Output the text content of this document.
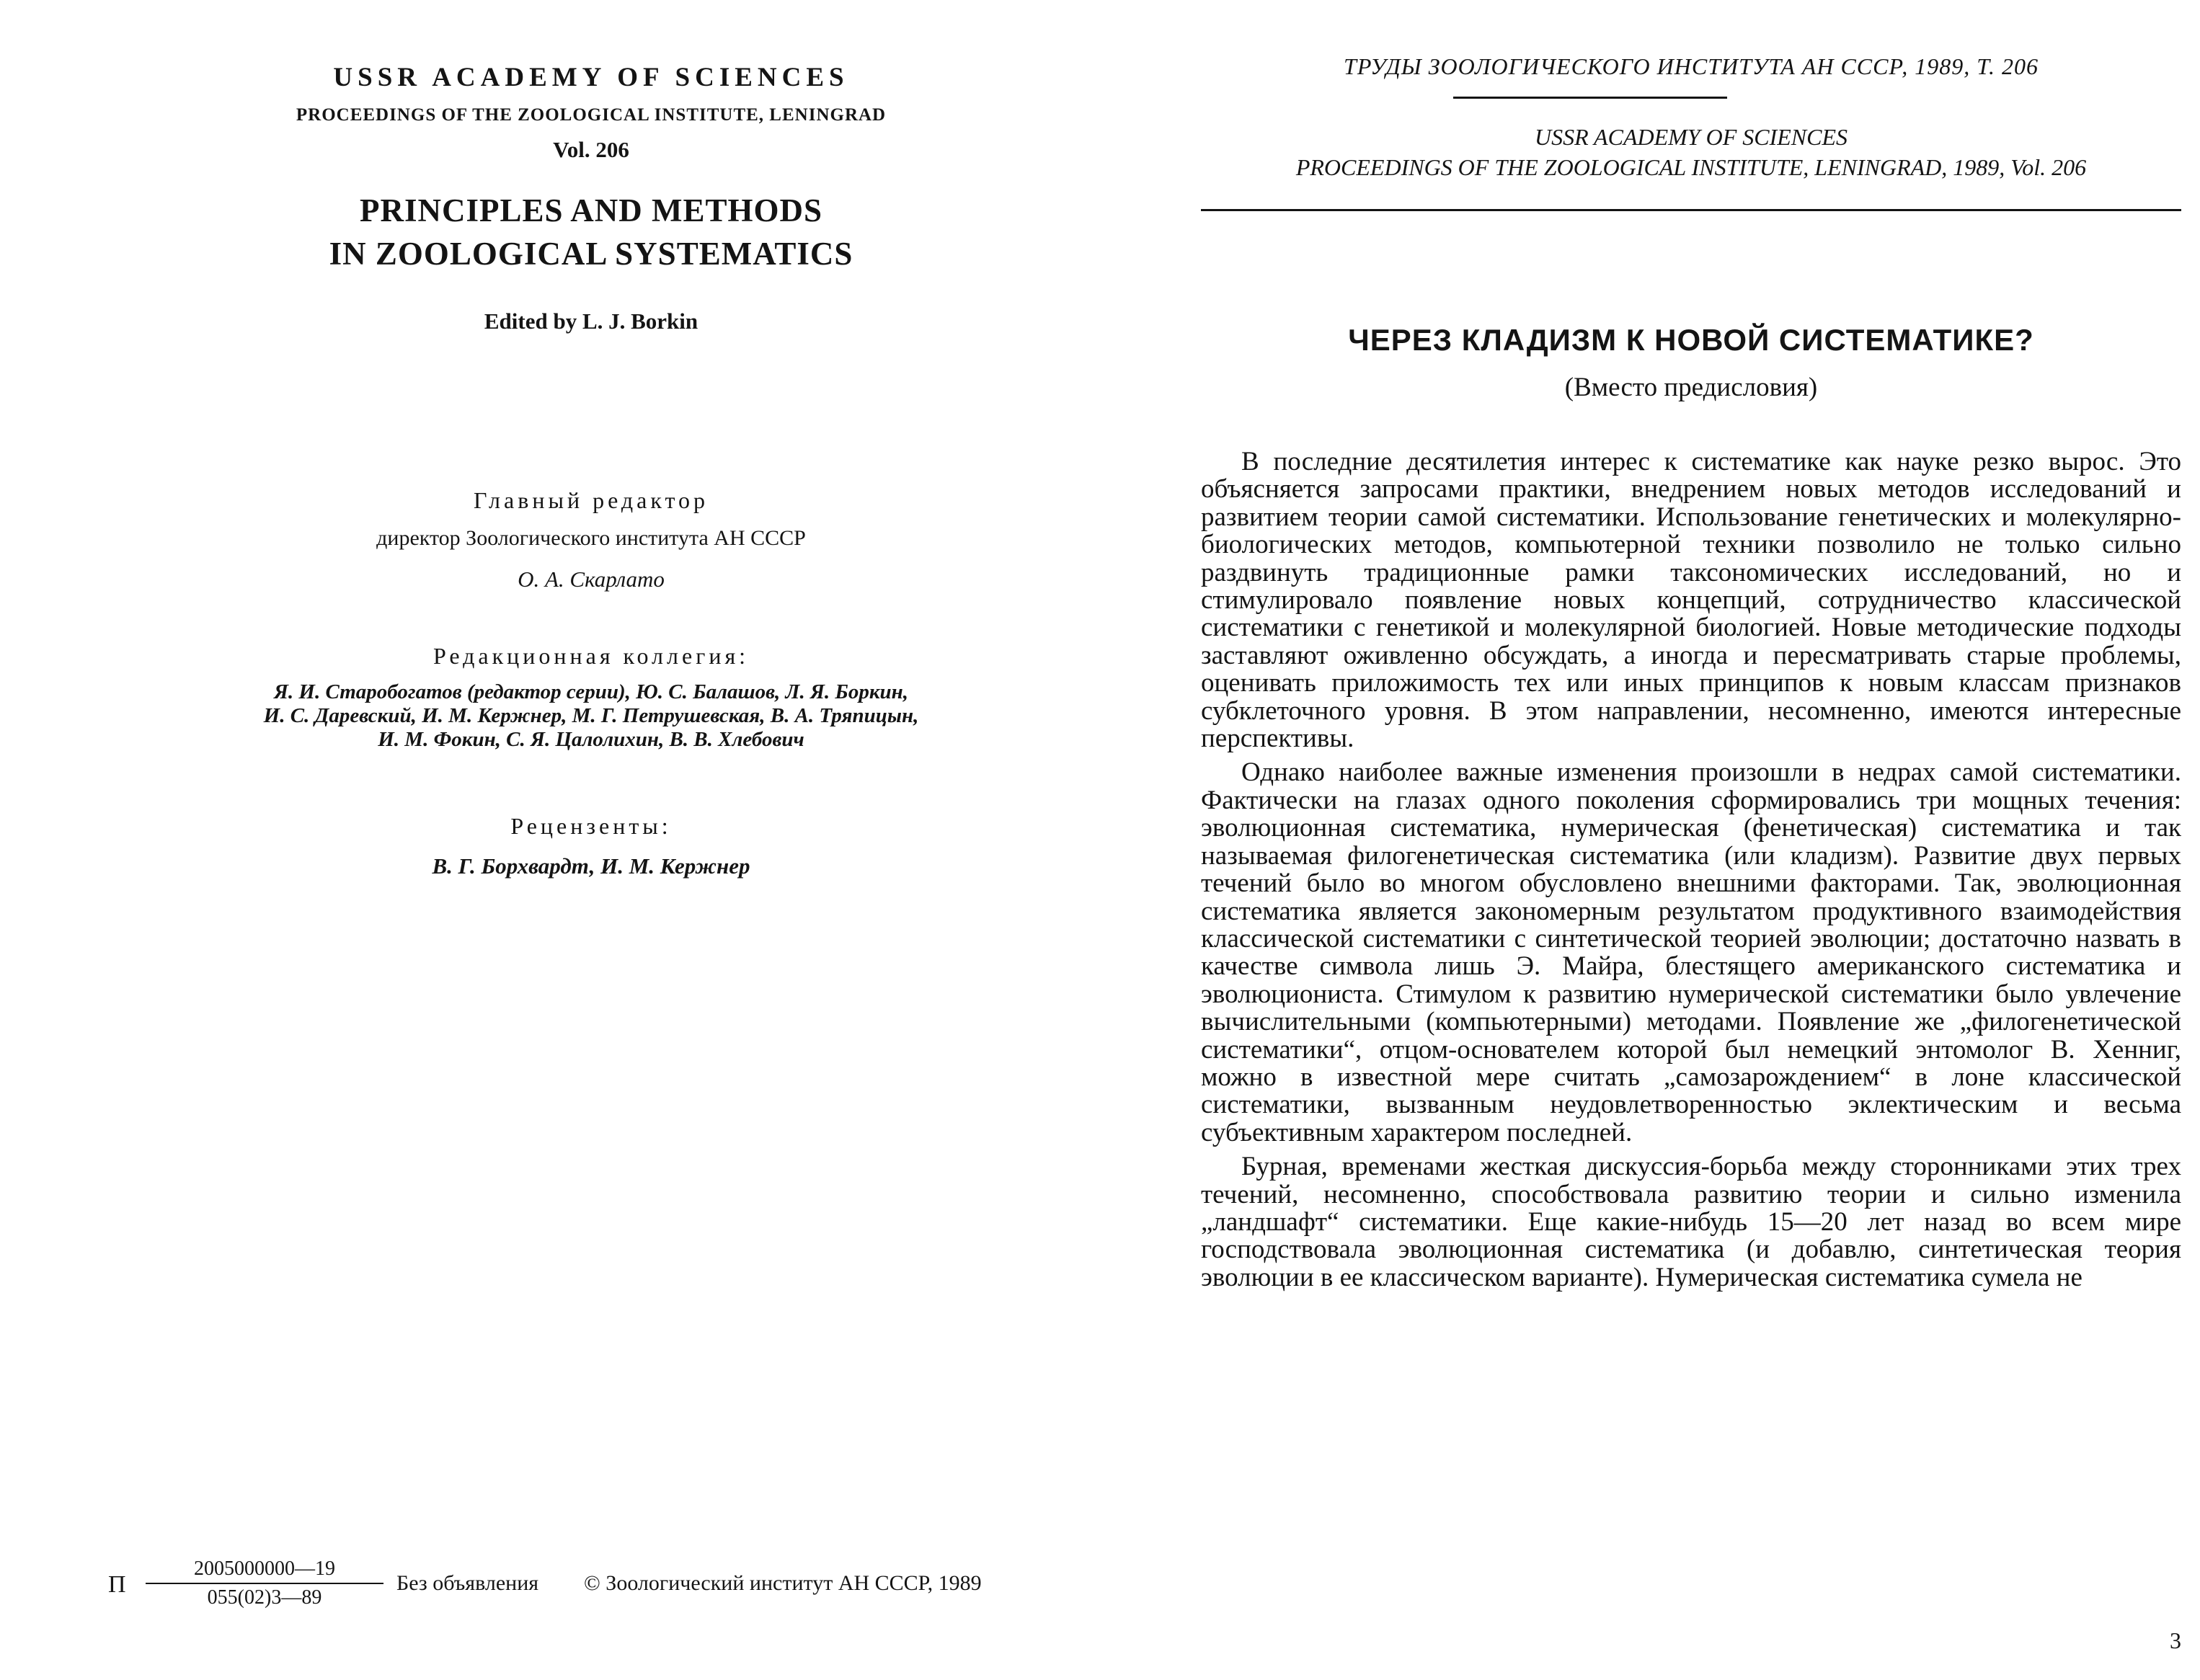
USSR ACADEMY OF SCIENCES
PROCEEDINGS OF THE ZOOLOGICAL INSTITUTE, LENINGRAD
Vol. 206
PRINCIPLES AND METHODS
IN ZOOLOGICAL SYSTEMATICS
Edited by L. J. Borkin
Главный редактор
директор Зоологического института АН СССР
О. А. Скарлато
Редакционная коллегия:
Я. И. Старобогатов (редактор серии), Ю. С. Балашов, Л. Я. Боркин,
И. С. Даревский, И. М. Кержнер, М. Г. Петрушевская, В. А. Тряпицын,
И. М. Фокин, С. Я. Цалолихин, В. В. Хлебович
Рецензенты:
В. Г. Борхвардт, И. М. Кержнер
П
2005000000—19
055(02)3—89
Без объявления © Зоологический институт АН СССР, 1989
ТРУДЫ ЗООЛОГИЧЕСКОГО ИНСТИТУТА АН СССР, 1989, Т. 206
USSR ACADEMY OF SCIENCES
PROCEEDINGS OF THE ZOOLOGICAL INSTITUTE, LENINGRAD, 1989, Vol. 206
ЧЕРЕЗ КЛАДИЗМ К НОВОЙ СИСТЕМАТИКЕ?
(Вместо предисловия)

В последние десятилетия интерес к систематике как науке резко вырос. Это объясняется запросами практики, внедрением новых методов исследований и развитием теории самой систематики. Использование генетических и молекулярно-биологических методов, компьютерной техники позволило не только сильно раздвинуть традиционные рамки таксономических исследований, но и стимулировало появление новых концепций, сотрудничество классической систематики с генетикой и молекулярной биологией. Новые методические подходы заставляют оживленно обсуждать, а иногда и пересматривать старые проблемы, оценивать приложимость тех или иных принципов к новым классам признаков субклеточного уровня. В этом направлении, несомненно, имеются интересные перспективы.

Однако наиболее важные изменения произошли в недрах самой систематики. Фактически на глазах одного поколения сформировались три мощных течения: эволюционная систематика, нумерическая (фенетическая) систематика и так называемая филогенетическая систематика (или кладизм). Развитие двух первых течений было во многом обусловлено внешними факторами. Так, эволюционная систематика является закономерным результатом продуктивного взаимодействия классической систематики с синтетической теорией эволюции; достаточно назвать в качестве символа лишь Э. Майра, блестящего американского систематика и эволюциониста. Стимулом к развитию нумерической систематики было увлечение вычислительными (компьютерными) методами. Появление же „филогенетической систематики“, отцом-основателем которой был немецкий энтомолог В. Хенниг, можно в известной мере считать „самозарождением“ в лоне классической систематики, вызванным неудовлетворенностью эклектическим и весьма субъективным характером последней.

Бурная, временами жесткая дискуссия-борьба между сторонниками этих трех течений, несомненно, способствовала развитию теории и сильно изменила „ландшафт“ систематики. Еще какие-нибудь 15—20 лет назад во всем мире господствовала эволюционная систематика (и добавлю, синтетическая теория эволюции в ее классическом варианте). Нумерическая систематика сумела не

3
